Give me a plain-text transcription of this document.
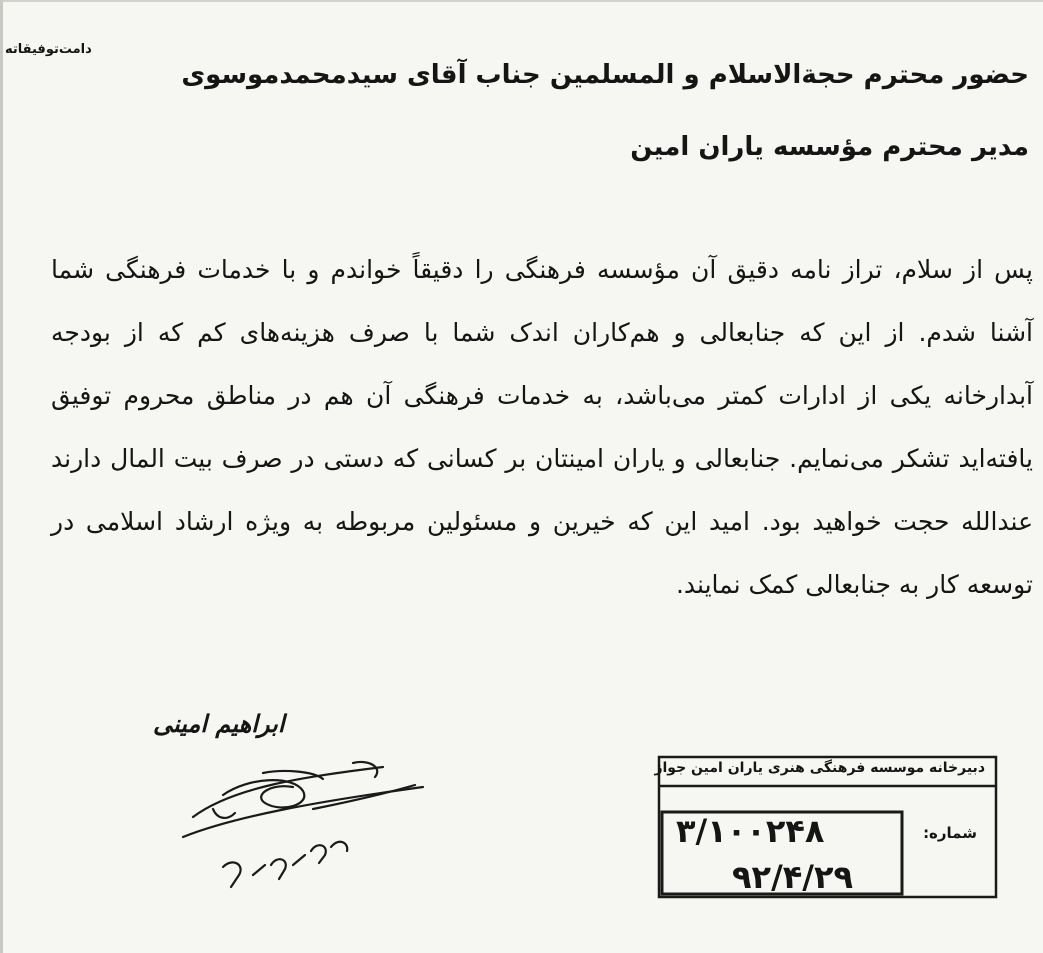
دامت‌توفیقاته
حضور محترم حجةالاسلام و المسلمین جناب آقای سیدمحمدموسوی
مدیر محترم مؤسسه یاران امین
پس از سلام، تراز نامه دقیق آن مؤسسه فرهنگی را دقیقاً خواندم و با خدمات فرهنگی شما آشنا شدم. از این که جنابعالی و هم‌کاران اندک شما با صرف هزینه‌های کم که از بودجه آبدارخانه یکی از ادارات کمتر می‌باشد، به خدمات فرهنگی آن هم در مناطق محروم توفیق یافته‌اید تشکر می‌نمایم. جنابعالی و یاران امینتان بر کسانی که دستی در صرف بیت المال دارند عندالله حجت خواهید بود. امید این که خیرین و مسئولین مربوطه به ویژه ارشاد اسلامی در توسعه کار به جنابعالی کمک نمایند.
ابراهیم امینی
دبیرخانه موسسه فرهنگی هنری یاران امین جواز
شماره:
۳/۱۰۰۲۴۸
۹۲/۴/۲۹
